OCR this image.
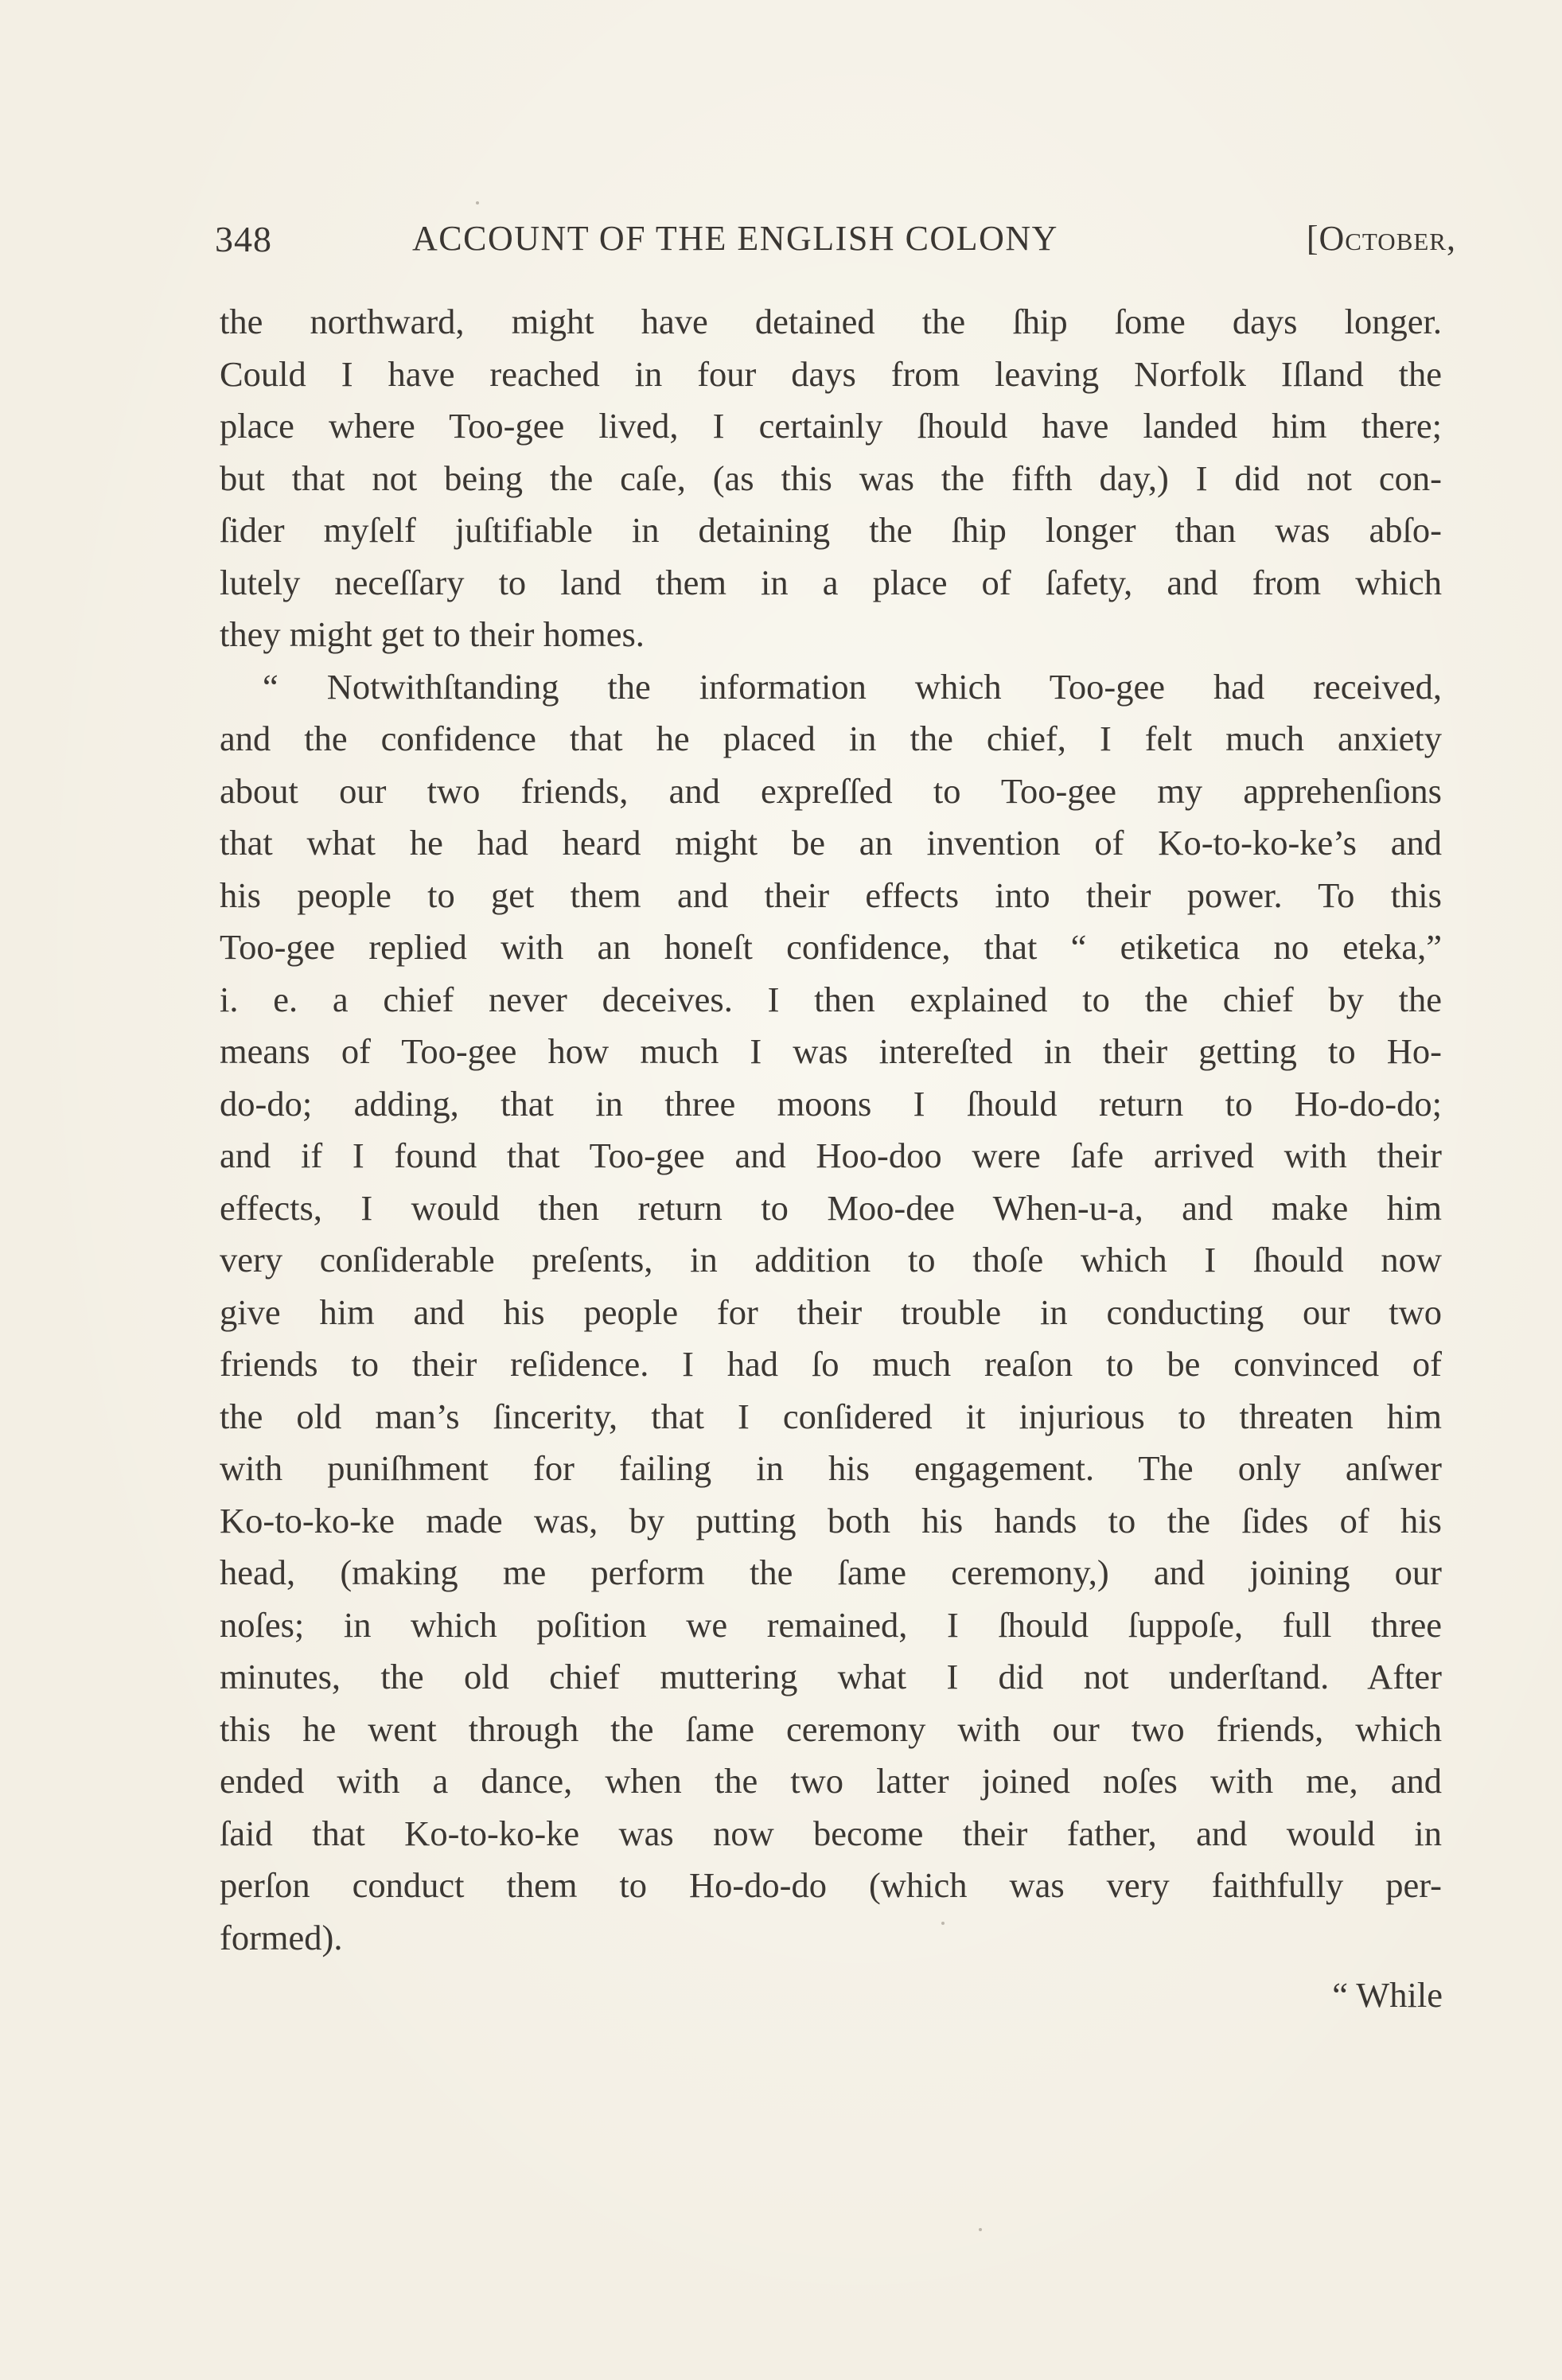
348	ACCOUNT OF THE ENGLISH COLONY	[October,
the northward, might have detained the ſhip ſome days longer.
Could I have reached in four days from leaving Norfolk Iſland the
place where Too-gee lived, I certainly ſhould have landed him there;
but that not being the caſe, (as this was the fifth day,) I did not con-
ſider myſelf juſtifiable in detaining the ſhip longer than was abſo-
lutely neceſſary to land them in a place of ſafety, and from which
they might get to their homes.
“ Notwithſtanding the information which Too-gee had received,
and the confidence that he placed in the chief, I felt much anxiety
about our two friends, and expreſſed to Too-gee my apprehenſions
that what he had heard might be an invention of Ko-to-ko-ke’s and
his people to get them and their effects into their power. To this
Too-gee replied with an honeſt confidence, that “ etiketica no eteka,”
i. e. a chief never deceives. I then explained to the chief by the
means of Too-gee how much I was intereſted in their getting to Ho-
do-do; adding, that in three moons I ſhould return to Ho-do-do;
and if I found that Too-gee and Hoo-doo were ſafe arrived with their
effects, I would then return to Moo-dee When-u-a, and make him
very conſiderable preſents, in addition to thoſe which I ſhould now
give him and his people for their trouble in conducting our two
friends to their reſidence. I had ſo much reaſon to be convinced of
the old man’s ſincerity, that I conſidered it injurious to threaten him
with puniſhment for failing in his engagement. The only anſwer
Ko-to-ko-ke made was, by putting both his hands to the ſides of his
head, (making me perform the ſame ceremony,) and joining our
noſes; in which poſition we remained, I ſhould ſuppoſe, full three
minutes, the old chief muttering what I did not underſtand. After
this he went through the ſame ceremony with our two friends, which
ended with a dance, when the two latter joined noſes with me, and
ſaid that Ko-to-ko-ke was now become their father, and would in
perſon conduct them to Ho-do-do (which was very faithfully per-
formed).
“ While
